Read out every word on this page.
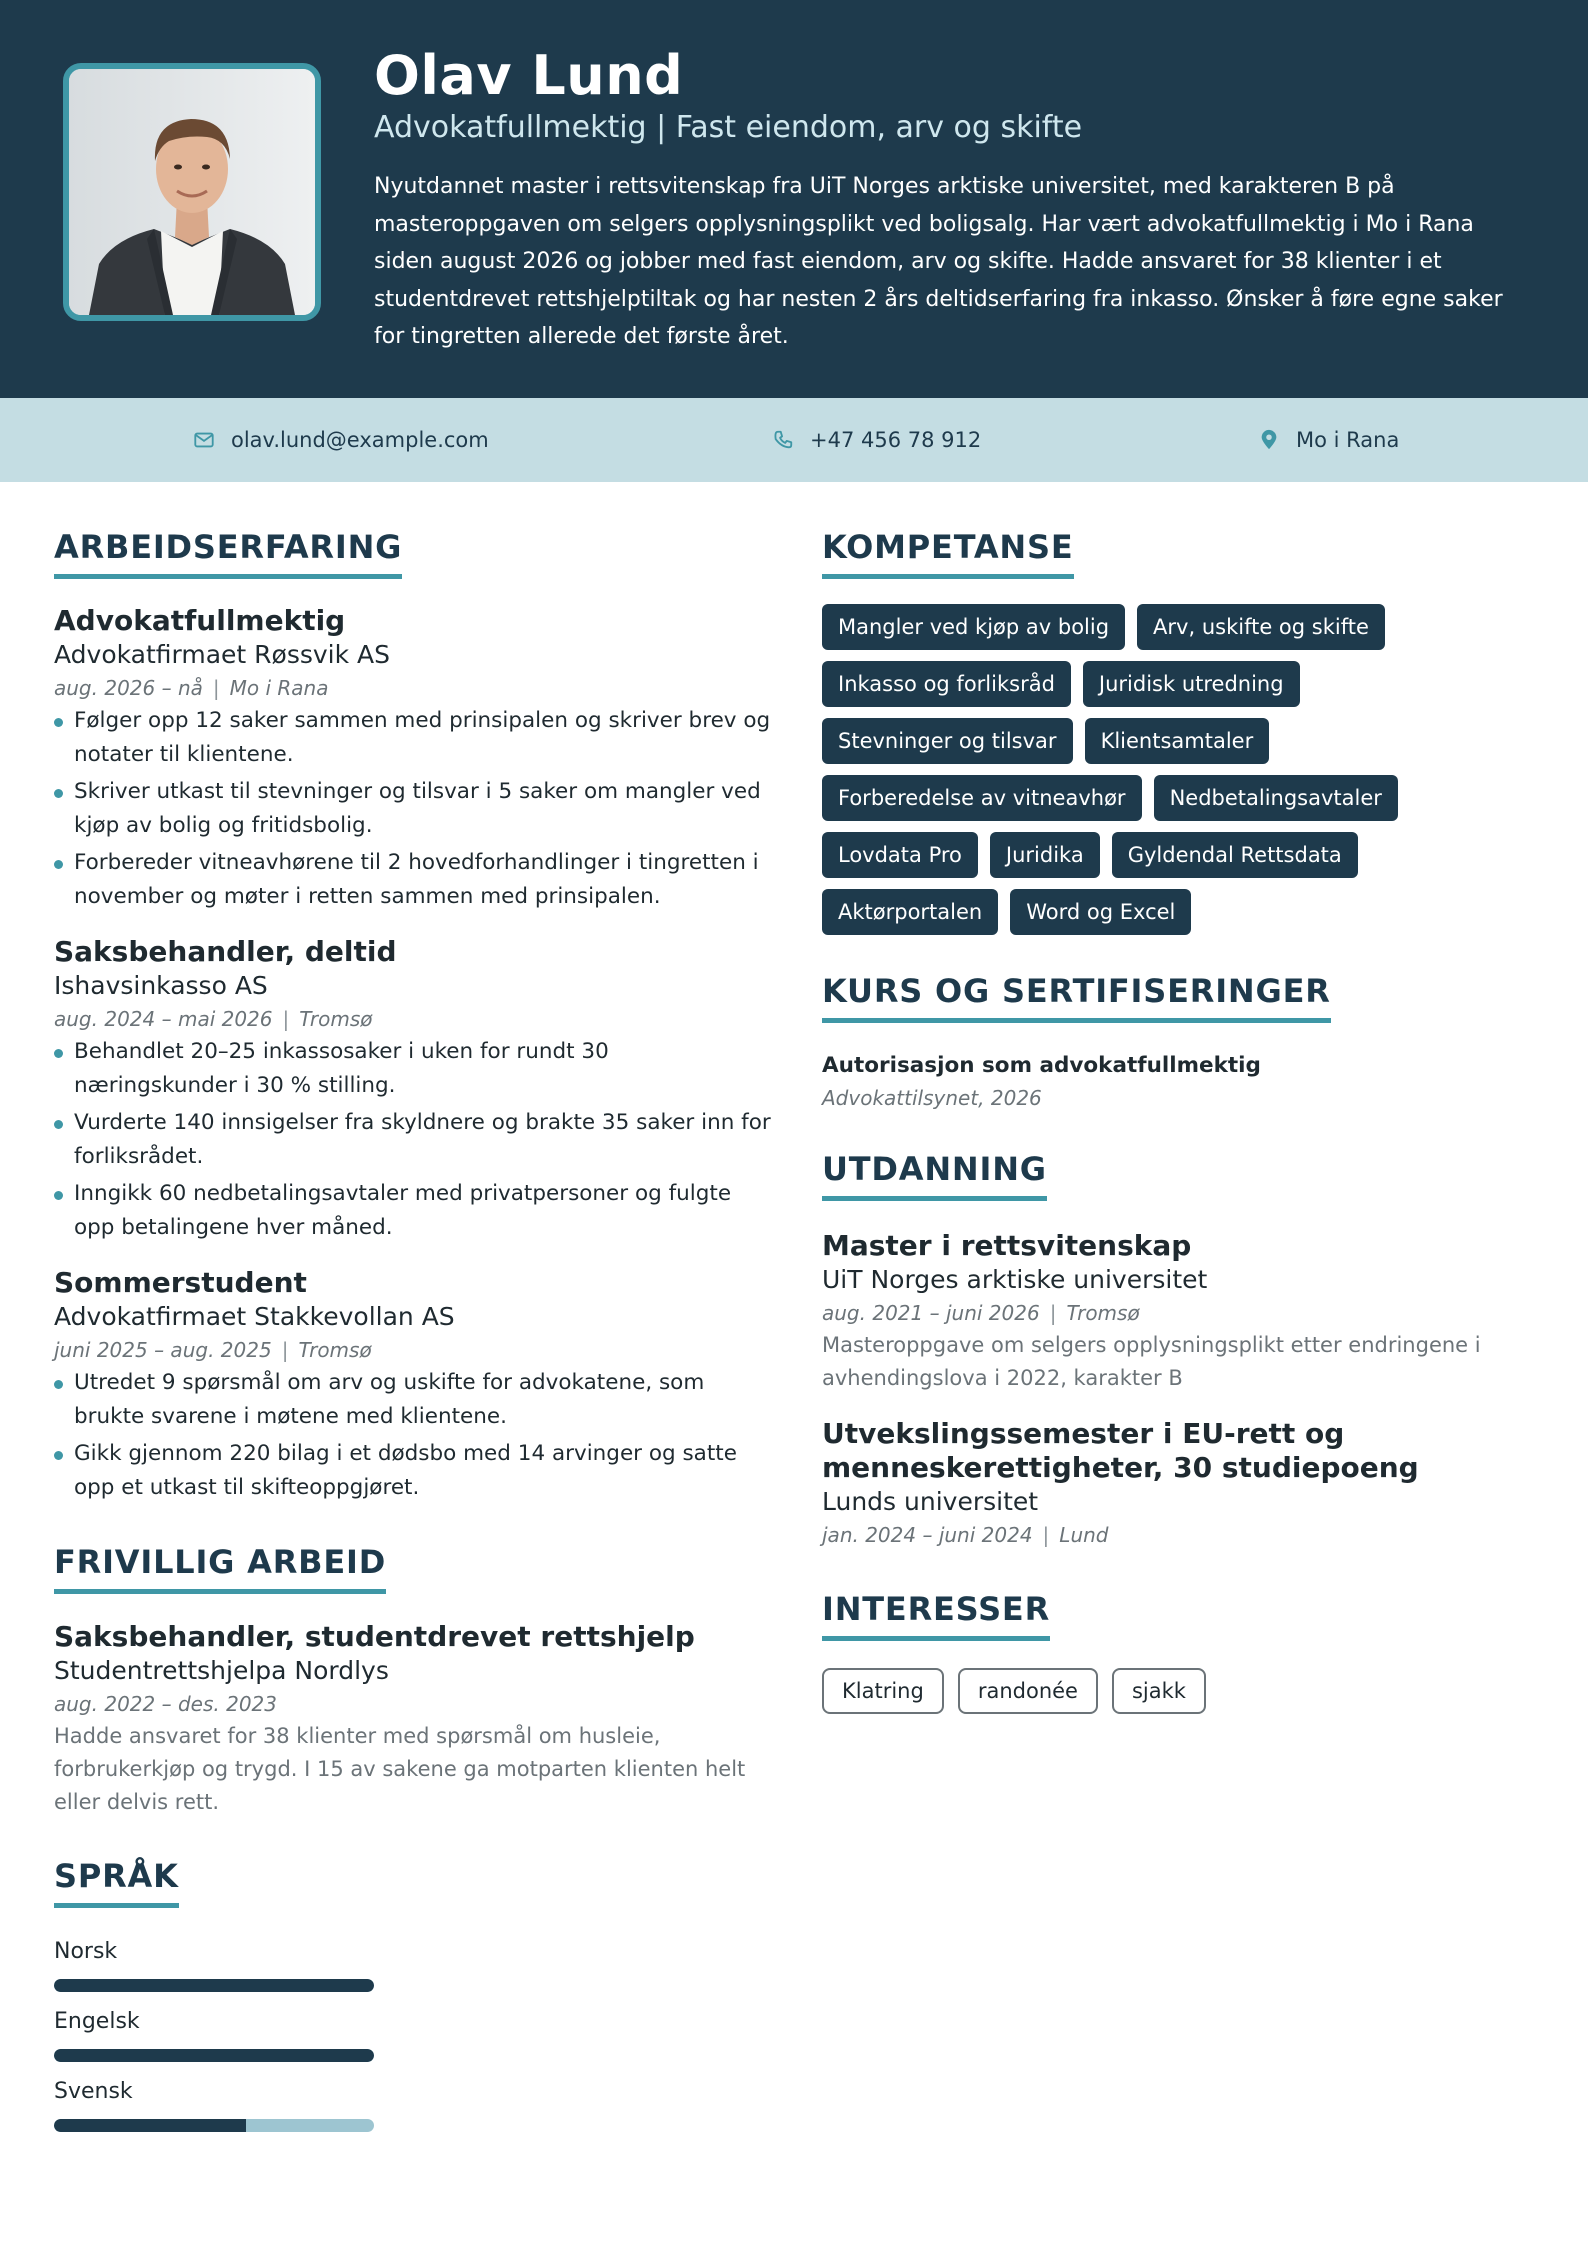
Olav Lund
Advokatfullmektig | Fast eiendom, arv og skifte
Nyutdannet master i rettsvitenskap fra UiT Norges arktiske universitet, med karakteren B på masteroppgaven om selgers opplysningsplikt ved boligsalg. Har vært advokatfullmektig i Mo i Rana siden august 2026 og jobber med fast eiendom, arv og skifte. Hadde ansvaret for 38 klienter i et studentdrevet rettshjelptiltak og har nesten 2 års deltidserfaring fra inkasso. Ønsker å føre egne saker for tingretten allerede det første året.
olav.lund@example.com	+47 456 78 912	Mo i Rana
ARBEIDSERFARING
Advokatfullmektig
Advokatfirmaet Røssvik AS
aug. 2026 – nå | Mo i Rana
Følger opp 12 saker sammen med prinsipalen og skriver brev og notater til klientene.
Skriver utkast til stevninger og tilsvar i 5 saker om mangler ved kjøp av bolig og fritidsbolig.
Forbereder vitneavhørene til 2 hovedforhandlinger i tingretten i november og møter i retten sammen med prinsipalen.
Saksbehandler, deltid
Ishavsinkasso AS
aug. 2024 – mai 2026 | Tromsø
Behandlet 20–25 inkassosaker i uken for rundt 30 næringskunder i 30 % stilling.
Vurderte 140 innsigelser fra skyldnere og brakte 35 saker inn for forliksrådet.
Inngikk 60 nedbetalingsavtaler med privatpersoner og fulgte opp betalingene hver måned.
Sommerstudent
Advokatfirmaet Stakkevollan AS
juni 2025 – aug. 2025 | Tromsø
Utredet 9 spørsmål om arv og uskifte for advokatene, som brukte svarene i møtene med klientene.
Gikk gjennom 220 bilag i et dødsbo med 14 arvinger og satte opp et utkast til skifteoppgjøret.
FRIVILLIG ARBEID
Saksbehandler, studentdrevet rettshjelp
Studentrettshjelpa Nordlys
aug. 2022 – des. 2023
Hadde ansvaret for 38 klienter med spørsmål om husleie, forbrukerkjøp og trygd. I 15 av sakene ga motparten klienten helt eller delvis rett.
SPRÅK
Norsk
Engelsk
Svensk
KOMPETANSE
Mangler ved kjøp av bolig	Arv, uskifte og skifte
Inkasso og forliksråd	Juridisk utredning
Stevninger og tilsvar	Klientsamtaler
Forberedelse av vitneavhør	Nedbetalingsavtaler
Lovdata Pro	Juridika	Gyldendal Rettsdata
Aktørportalen	Word og Excel
KURS OG SERTIFISERINGER
Autorisasjon som advokatfullmektig
Advokattilsynet, 2026
UTDANNING
Master i rettsvitenskap
UiT Norges arktiske universitet
aug. 2021 – juni 2026 | Tromsø
Masteroppgave om selgers opplysningsplikt etter endringene i avhendingslova i 2022, karakter B
Utvekslingssemester i EU-rett og
menneskerettigheter, 30 studiepoeng
Lunds universitet
jan. 2024 – juni 2024 | Lund
INTERESSER
Klatring	randonée	sjakk
